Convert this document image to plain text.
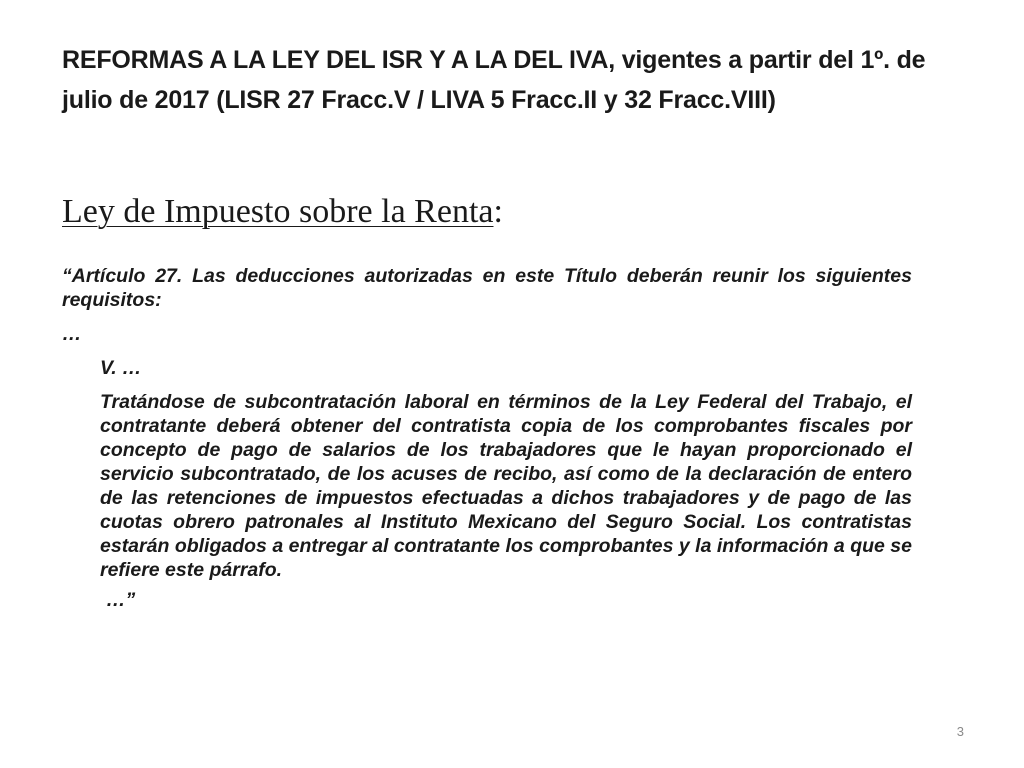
REFORMAS A LA LEY DEL ISR Y A LA DEL IVA, vigentes a partir del 1º. de julio de 2017 (LISR 27 Fracc.V / LIVA 5 Fracc.II y 32 Fracc.VIII)
Ley de Impuesto sobre la Renta:

“Artículo 27. Las deducciones autorizadas en este Título deberán reunir los siguientes requisitos:

…

V. …

Tratándose de subcontratación laboral en términos de la Ley Federal del Trabajo, el contratante deberá obtener del contratista copia de los comprobantes fiscales por concepto de pago de salarios de los trabajadores que le hayan proporcionado el servicio subcontratado, de los acuses de recibo, así como de la declaración de entero de las retenciones de impuestos efectuadas a dichos trabajadores y de pago de las cuotas obrero patronales al Instituto Mexicano del Seguro Social. Los contratistas estarán obligados a entregar al contratante los comprobantes y la información a que se refiere este párrafo.

…”

3
